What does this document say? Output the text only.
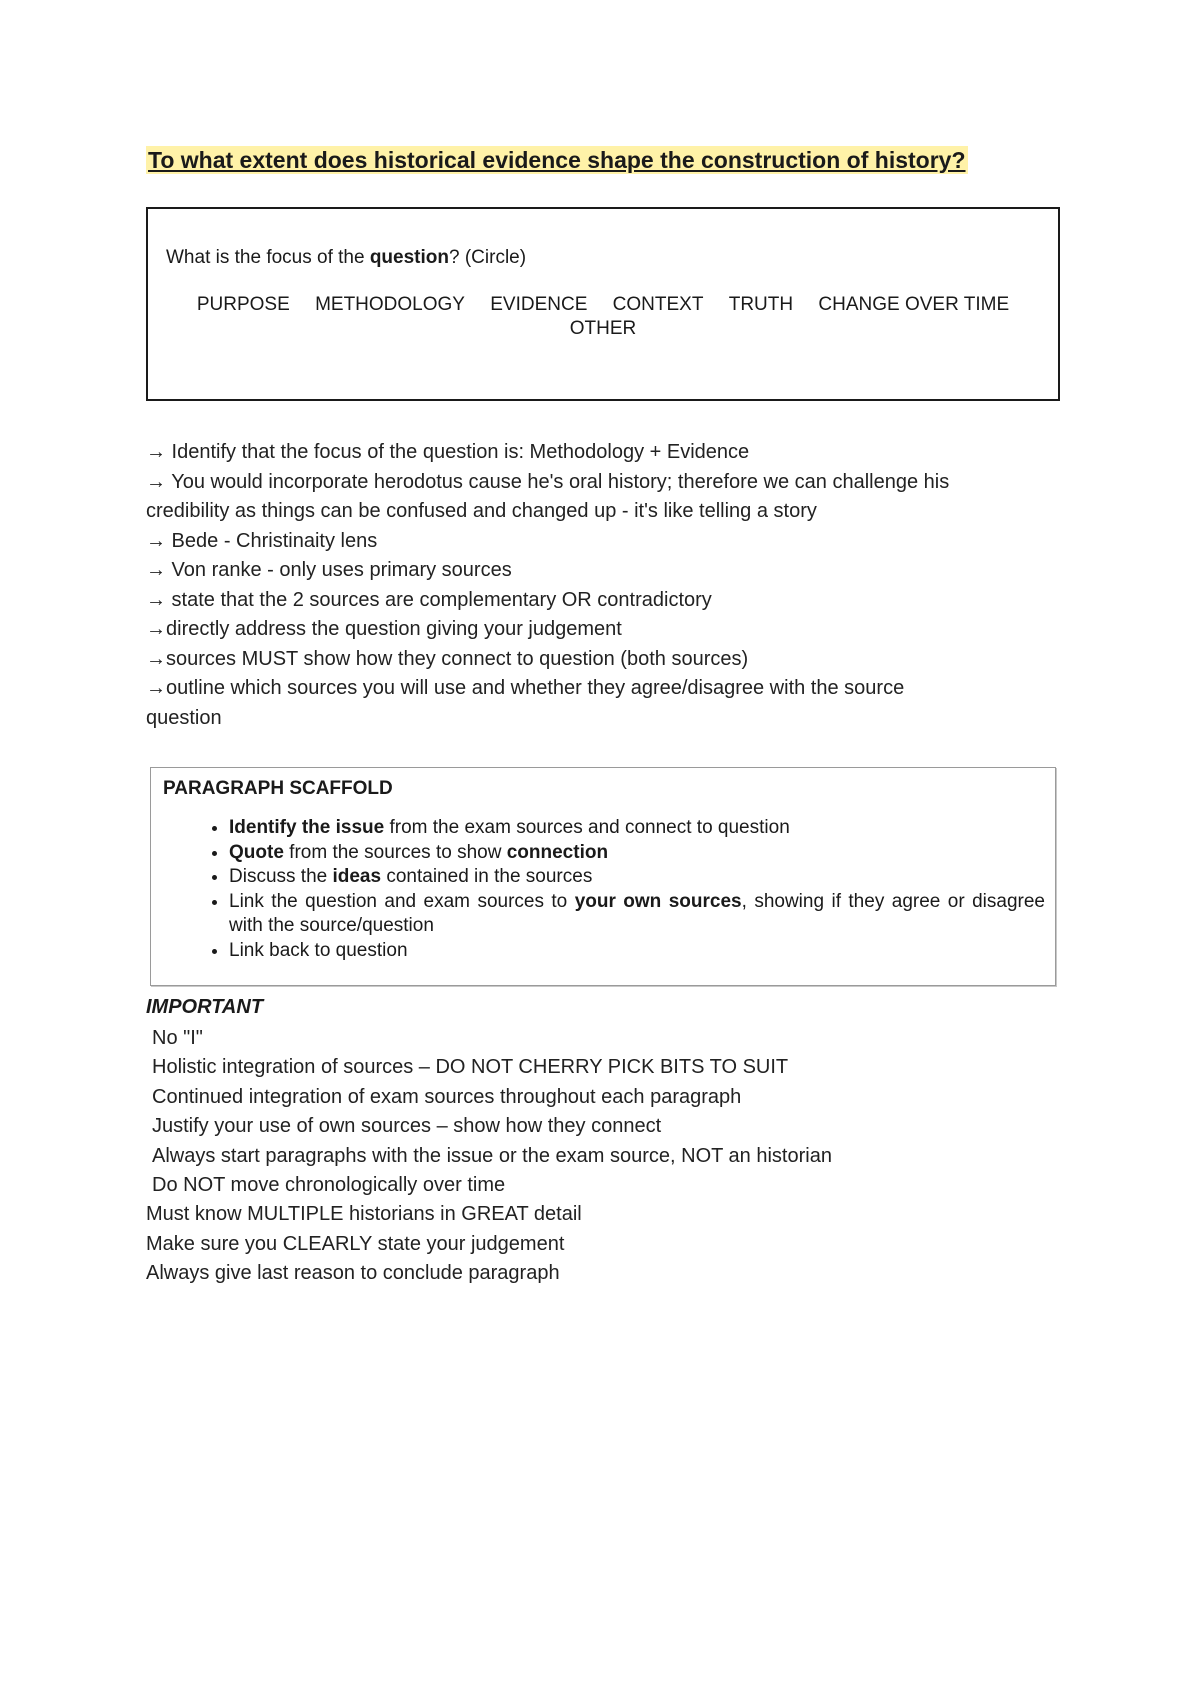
To what extent does historical evidence shape the construction of history?
What is the focus of the question? (Circle)
PURPOSE METHODOLOGY EVIDENCE CONTEXT TRUTH CHANGE OVER TIME
OTHER
→ Identify that the focus of the question is: Methodology + Evidence
→ You would incorporate herodotus cause he's oral history; therefore we can challenge his
credibility as things can be confused and changed up - it's like telling a story
→ Bede - Christinaity lens
→ Von ranke - only uses primary sources
→ state that the 2 sources are complementary OR contradictory
→directly address the question giving your judgement
→sources MUST show how they connect to question (both sources)
→outline which sources you will use and whether they agree/disagree with the source
question
PARAGRAPH SCAFFOLD
• Identify the issue from the exam sources and connect to question
• Quote from the sources to show connection
• Discuss the ideas contained in the sources
• Link the question and exam sources to your own sources, showing if they agree or disagree with the source/question
• Link back to question
IMPORTANT
No "I"
Holistic integration of sources – DO NOT CHERRY PICK BITS TO SUIT
Continued integration of exam sources throughout each paragraph
Justify your use of own sources – show how they connect
Always start paragraphs with the issue or the exam source, NOT an historian
Do NOT move chronologically over time
Must know MULTIPLE historians in GREAT detail
Make sure you CLEARLY state your judgement
Always give last reason to conclude paragraph
